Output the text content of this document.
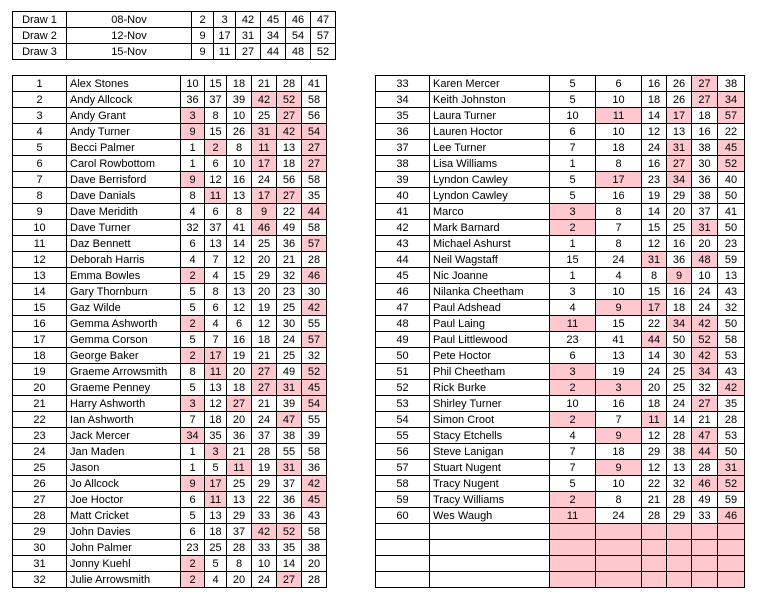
Draw 1	08-Nov	2	3	42	45	46	47
Draw 2	12-Nov	9	17	31	34	54	57
Draw 3	15-Nov	9	11	27	44	48	52
1	Alex Stones	10	15	18	21	28	41
2	Andy Allcock	36	37	39	42	52	58
3	Andy Grant	3	8	10	25	27	56
4	Andy Turner	9	15	26	31	42	54
5	Becci Palmer	1	2	8	11	13	27
6	Carol Rowbottom	1	6	10	17	18	27
7	Dave Berrisford	9	12	16	24	56	58
8	Dave Danials	8	11	13	17	27	35
9	Dave Meridith	4	6	8	9	22	44
10	Dave Turner	32	37	41	46	49	58
11	Daz Bennett	6	13	14	25	36	57
12	Deborah Harris	4	7	12	20	21	28
13	Emma Bowles	2	4	15	29	32	46
14	Gary Thornburn	5	8	13	20	23	30
15	Gaz Wilde	5	6	12	19	25	42
16	Gemma Ashworth	2	4	6	12	30	55
17	Gemma Corson	5	7	16	18	24	57
18	George Baker	2	17	19	21	25	32
19	Graeme Arrowsmith	8	11	20	27	49	52
20	Graeme Penney	5	13	18	27	31	45
21	Harry Ashworth	3	12	27	21	39	54
22	Ian Ashworth	7	18	20	24	47	55
23	Jack Mercer	34	35	36	37	38	39
24	Jan Maden	1	3	21	28	55	58
25	Jason	1	5	11	19	31	36
26	Jo Allcock	9	17	25	29	37	42
27	Joe Hoctor	6	11	13	22	36	45
28	Matt Cricket	5	13	29	33	36	43
29	John Davies	6	18	37	42	52	58
30	John Palmer	23	25	28	33	35	38
31	Jonny Kuehl	2	5	8	10	14	20
32	Julie Arrowsmith	2	4	20	24	27	28
33	Karen Mercer	5	6	16	26	27	38
34	Keith Johnston	5	10	18	26	27	34
35	Laura Turner	10	11	14	17	18	57
36	Lauren Hoctor	6	10	12	13	16	22
37	Lee Turner	7	18	24	31	38	45
38	Lisa Williams	1	8	16	27	30	52
39	Lyndon Cawley	5	17	23	34	36	40
40	Lyndon Cawley	5	16	19	29	38	50
41	Marco	3	8	14	20	37	41
42	Mark Barnard	2	7	15	25	31	50
43	Michael Ashurst	1	8	12	16	20	23
44	Neil Wagstaff	15	24	31	36	48	59
45	Nic Joanne	1	4	8	9	10	13
46	Nilanka Cheetham	3	10	15	16	24	43
47	Paul Adshead	4	9	17	18	24	32
48	Paul Laing	11	15	22	34	42	50
49	Paul Littlewood	23	41	44	50	52	58
50	Pete Hoctor	6	13	14	30	42	53
51	Phil Cheetham	3	19	24	25	34	43
52	Rick Burke	2	3	20	25	32	42
53	Shirley Turner	10	16	18	24	27	35
54	Simon Croot	2	7	11	14	21	28
55	Stacy Etchells	4	9	12	28	47	53
56	Steve Lanigan	7	18	29	38	44	50
57	Stuart Nugent	7	9	12	13	28	31
58	Tracy Nugent	5	10	22	32	46	52
59	Tracy Williams	2	8	21	28	49	59
60	Wes Waugh	11	24	28	29	33	46
